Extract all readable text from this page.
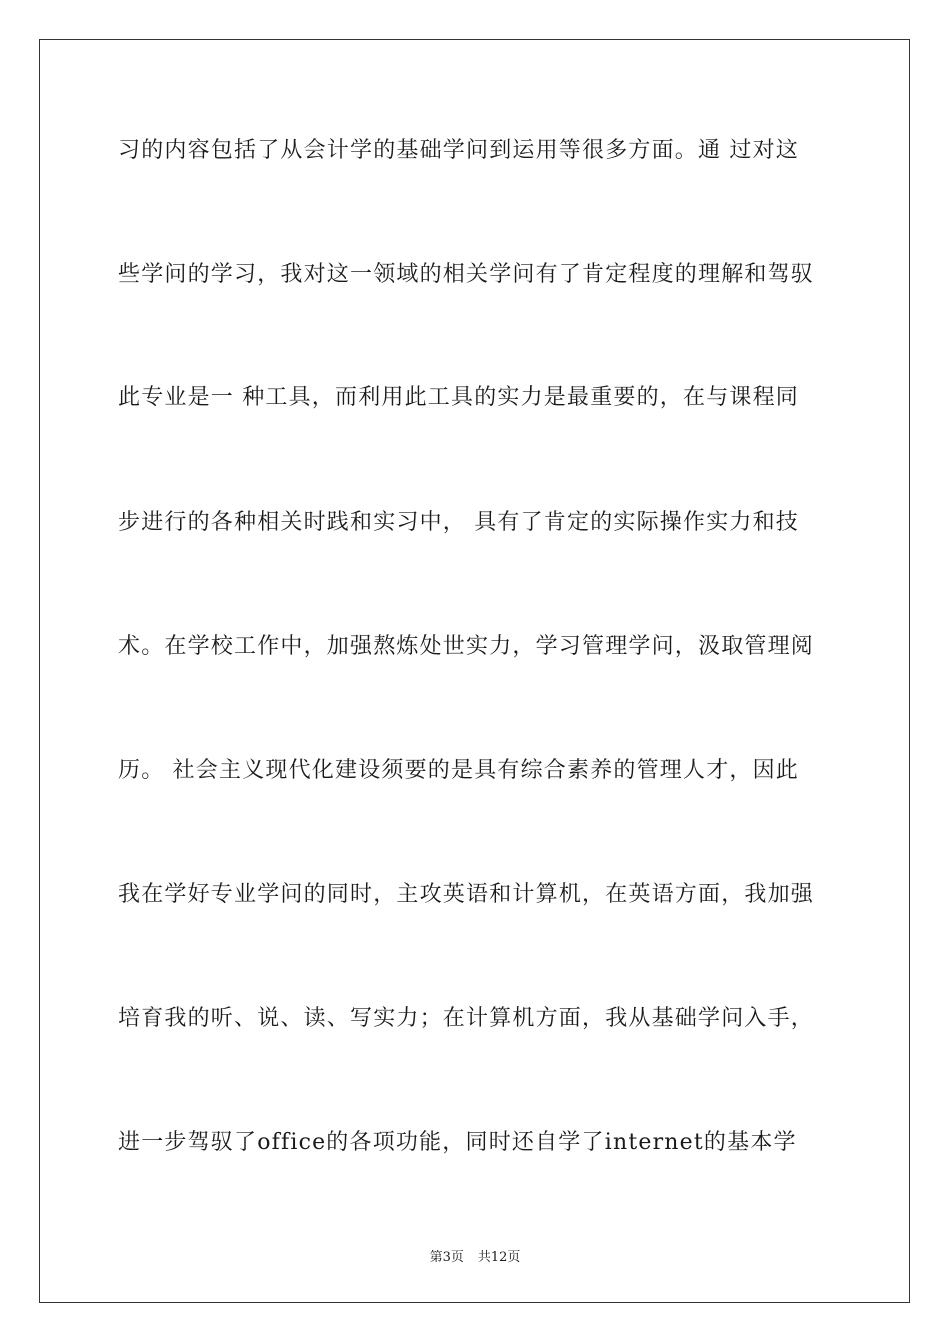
习的内容包括了从会计学的基础学问到运用等很多方面。通 过对这
些学问的学习，我对这一领域的相关学问有了肯定程度的理解和驾驭
此专业是一 种工具，而利用此工具的实力是最重要的，在与课程同
步进行的各种相关时践和实习中， 具有了肯定的实际操作实力和技
术。在学校工作中，加强熬炼处世实力，学习管理学问，汲取管理阅
历。 社会主义现代化建设须要的是具有综合素养的管理人才，因此
我在学好专业学问的同时，主攻英语和计算机，在英语方面，我加强
培育我的听、说、读、写实力；在计算机方面，我从基础学问入手，
进一步驾驭了office的各项功能，同时还自学了internet的基本学
第3页 共12页
